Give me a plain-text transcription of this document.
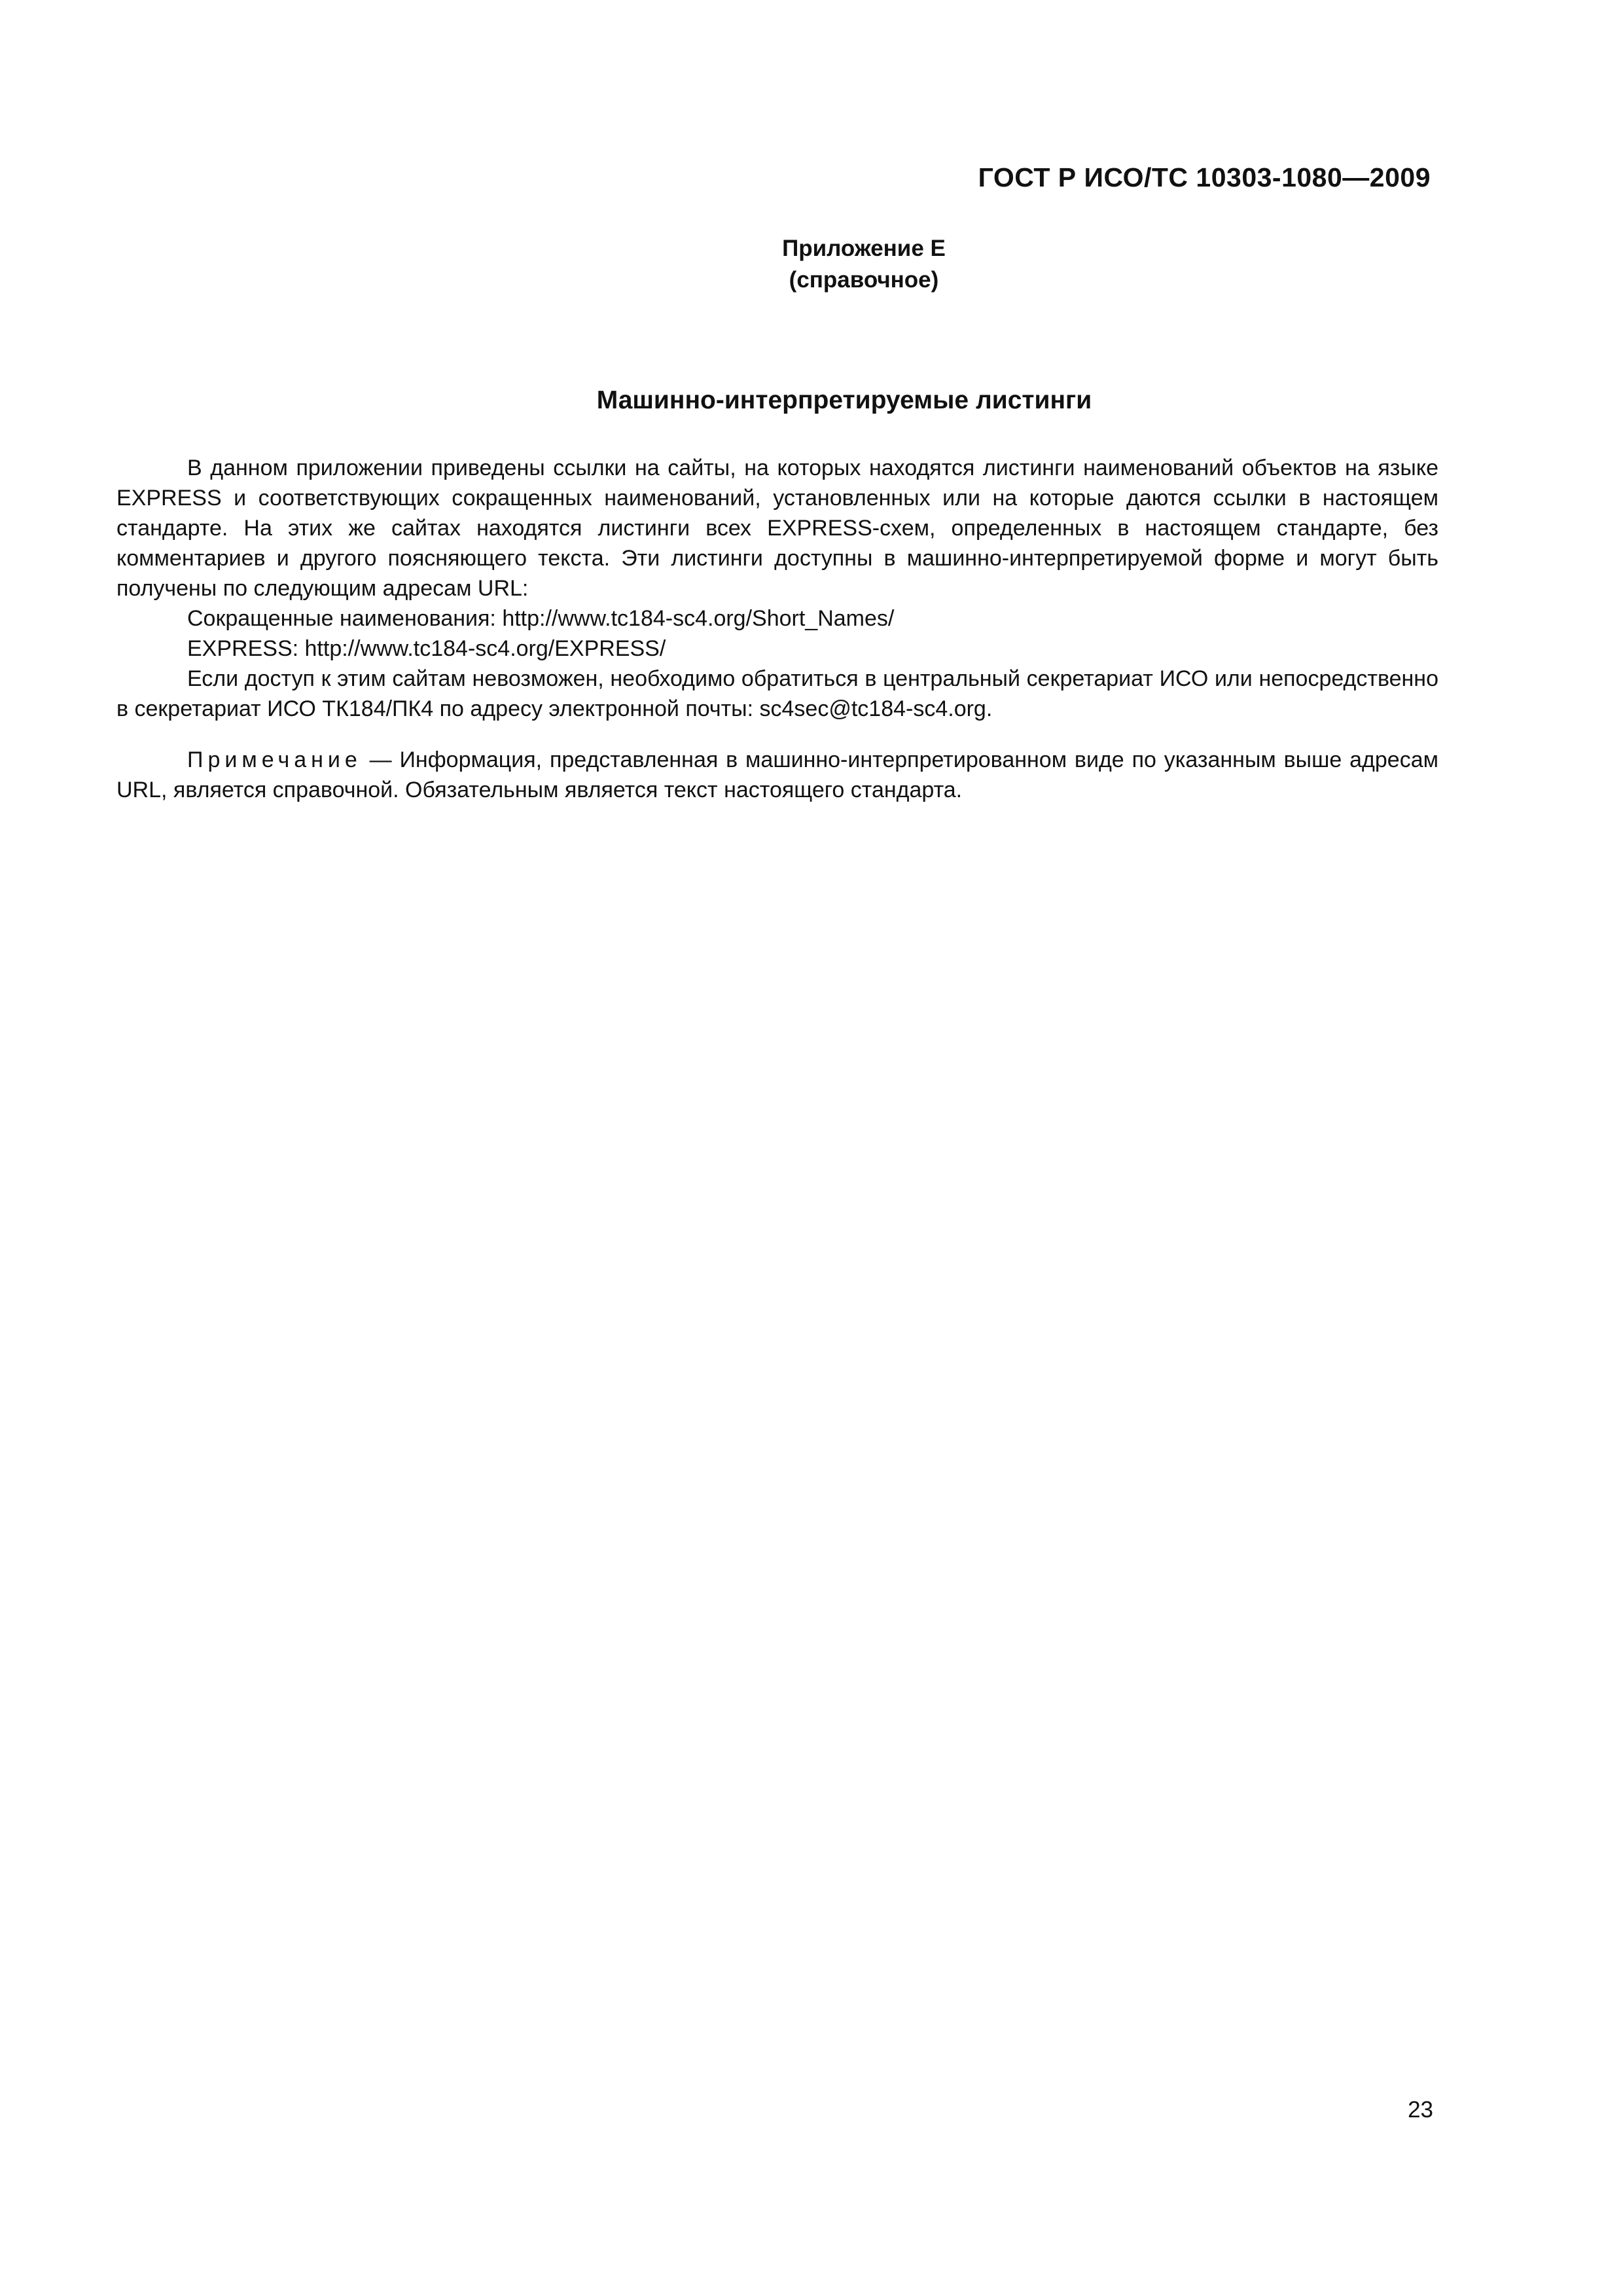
ГОСТ Р ИСО/ТС 10303-1080—2009
Приложение Е
(справочное)
Машинно-интерпретируемые листинги

В данном приложении приведены ссылки на сайты, на которых находятся листинги наименований объектов на языке EXPRESS и соответствующих сокращенных наименований, установленных или на которые даются ссылки в настоящем стандарте. На этих же сайтах находятся листинги всех EXPRESS-схем, определенных в настоящем стандарте, без комментариев и другого поясняющего текста. Эти листинги доступны в машинно-интерпретируемой форме и могут быть получены по следующим адресам URL:

Сокращенные наименования: http://www.tc184-sc4.org/Short_Names/

EXPRESS: http://www.tc184-sc4.org/EXPRESS/

Если доступ к этим сайтам невозможен, необходимо обратиться в центральный секретариат ИСО или непосредственно в секретариат ИСО ТК184/ПК4 по адресу электронной почты: sc4sec@tc184-sc4.org.

Примечание — Информация, представленная в машинно-интерпретированном виде по указанным выше адресам URL, является справочной. Обязательным является текст настоящего стандарта.
23
